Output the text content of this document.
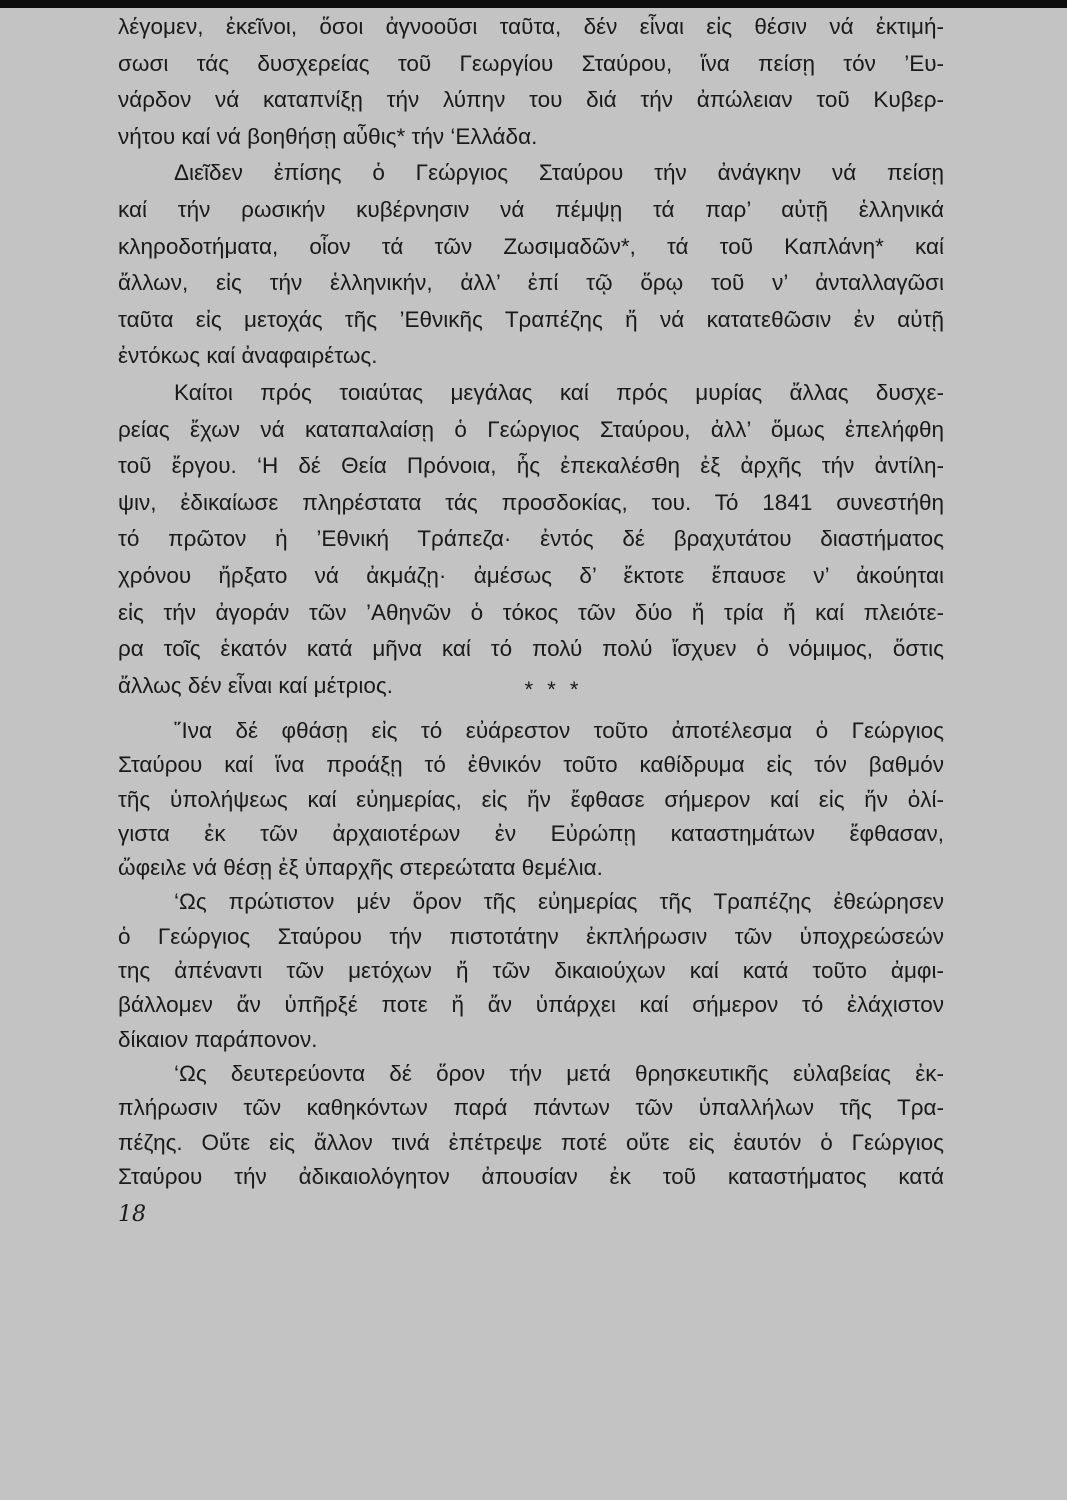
λέγομεν, ἐκεῖνοι, ὅσοι ἀγνοοῦσι ταῦτα, δέν εἶναι εἰς θέσιν νά ἐκτιμή-
σωσι τάς δυσχερείας τοῦ Γεωργίου Σταύρου, ἵνα πείσῃ τόν ’Ευ-
νάρδον νά καταπνίξῃ τήν λύπην του διά τήν ἀπώλειαν τοῦ Κυβερ-
νήτου καί νά βοηθήσῃ αὖθις* τήν ‘Ελλάδα.
Διεῖδεν ἐπίσης ὁ Γεώργιος Σταύρου τήν ἀνάγκην νά πείσῃ
καί τήν ρωσικήν κυβέρνησιν νά πέμψῃ τά παρ’ αὐτῇ ἑλληνικά
κληροδοτήματα, οἷον τά τῶν Ζωσιμαδῶν*, τά τοῦ Καπλάνη* καί
ἄλλων, εἰς τήν ἑλληνικήν, ἀλλ’ ἐπί τῷ ὅρῳ τοῦ ν’ ἀνταλλαγῶσι
ταῦτα εἰς μετοχάς τῆς ’Εθνικῆς Τραπέζης ἤ νά κατατεθῶσιν ἐν αὐτῇ
ἐντόκως καί ἀναφαιρέτως.
Καίτοι πρός τοιαύτας μεγάλας καί πρός μυρίας ἄλλας δυσχε-
ρείας ἔχων νά καταπαλαίσῃ ὁ Γεώργιος Σταύρου, ἀλλ’ ὅμως ἐπελήφθη
τοῦ ἔργου. ‘Η δέ Θεία Πρόνοια, ἧς ἐπεκαλέσθη ἐξ ἀρχῆς τήν ἀντίλη-
ψιν, ἐδικαίωσε πληρέστατα τάς προσδοκίας, του. Τό 1841 συνεστήθη
τό πρῶτον ἡ ’Εθνική Τράπεζα· ἐντός δέ βραχυτάτου διαστήματος
χρόνου ἤρξατο νά ἀκμάζῃ· ἀμέσως δ’ ἔκτοτε ἔπαυσε ν’ ἀκούηται
εἰς τήν ἀγοράν τῶν ’Αθηνῶν ὁ τόκος τῶν δύο ἤ τρία ἤ καί πλειότε-
ρα τοῖς ἑκατόν κατά μῆνα καί τό πολύ πολύ ἴσχυεν ὁ νόμιμος, ὅστις
ἄλλως δέν εἶναι καί μέτριος.	* * *
῞Ινα δέ φθάσῃ εἰς τό εὐάρεστον τοῦτο ἀποτέλεσμα ὁ Γεώργιος
Σταύρου καί ἵνα προάξῃ τό ἐθνικόν τοῦτο καθίδρυμα εἰς τόν βαθμόν
τῆς ὑπολήψεως καί εὐημερίας, εἰς ἥν ἔφθασε σήμερον καί εἰς ἥν ὀλί-
γιστα ἐκ τῶν ἀρχαιοτέρων ἐν Εὐρώπῃ καταστημάτων ἔφθασαν,
ὤφειλε νά θέσῃ ἐξ ὑπαρχῆς στερεώτατα θεμέλια.
‘Ως πρώτιστον μέν ὅρον τῆς εὐημερίας τῆς Τραπέζης ἐθεώρησεν
ὁ Γεώργιος Σταύρου τήν πιστοτάτην ἐκπλήρωσιν τῶν ὑποχρεώσεών
της ἀπέναντι τῶν μετόχων ἤ τῶν δικαιούχων καί κατά τοῦτο ἀμφι-
βάλλομεν ἄν ὑπῆρξέ ποτε ἤ ἄν ὑπάρχει καί σήμερον τό ἐλάχιστον
δίκαιον παράπονον.
‘Ως δευτερεύοντα δέ ὅρον τήν μετά θρησκευτικῆς εὐλαβείας ἐκ-
πλήρωσιν τῶν καθηκόντων παρά πάντων τῶν ὑπαλλήλων τῆς Τρα-
πέζης. Οὔτε εἰς ἄλλον τινά ἐπέτρεψε ποτέ οὔτε εἰς ἑαυτόν ὁ Γεώργιος
Σταύρου τήν ἀδικαιολόγητον ἀπουσίαν ἐκ τοῦ καταστήματος κατά
18
